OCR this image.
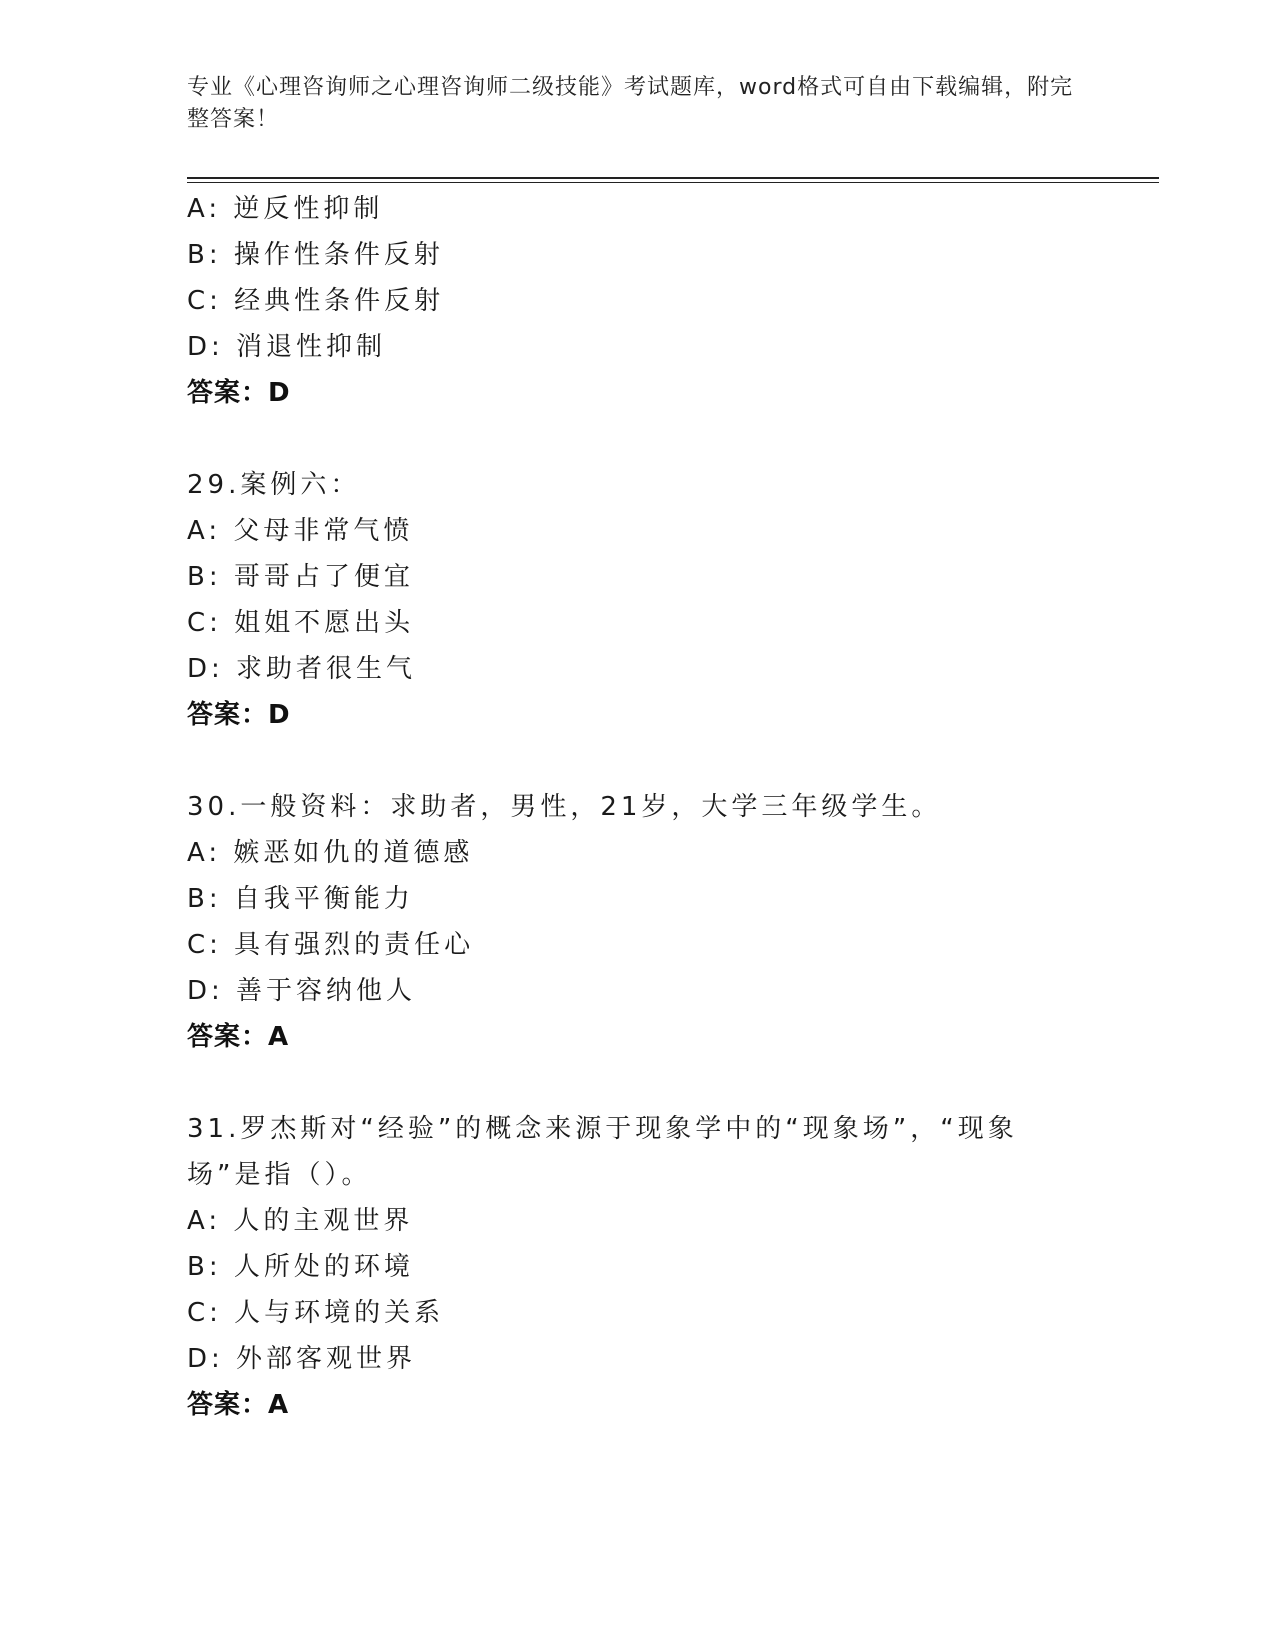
专业《心理咨询师之心理咨询师二级技能》考试题库，word格式可自由下载编辑，附完整答案！
A: 逆反性抑制
B: 操作性条件反射
C: 经典性条件反射
D: 消退性抑制
答案：D
29.案例六：
A: 父母非常气愤
B: 哥哥占了便宜
C: 姐姐不愿出头
D: 求助者很生气
答案：D
30.一般资料：求助者，男性，21岁，大学三年级学生。
A: 嫉恶如仇的道德感
B: 自我平衡能力
C: 具有强烈的责任心
D: 善于容纳他人
答案：A
31.罗杰斯对“经验”的概念来源于现象学中的“现象场”，“现象场”是指（）。
A: 人的主观世界
B: 人所处的环境
C: 人与环境的关系
D: 外部客观世界
答案：A
